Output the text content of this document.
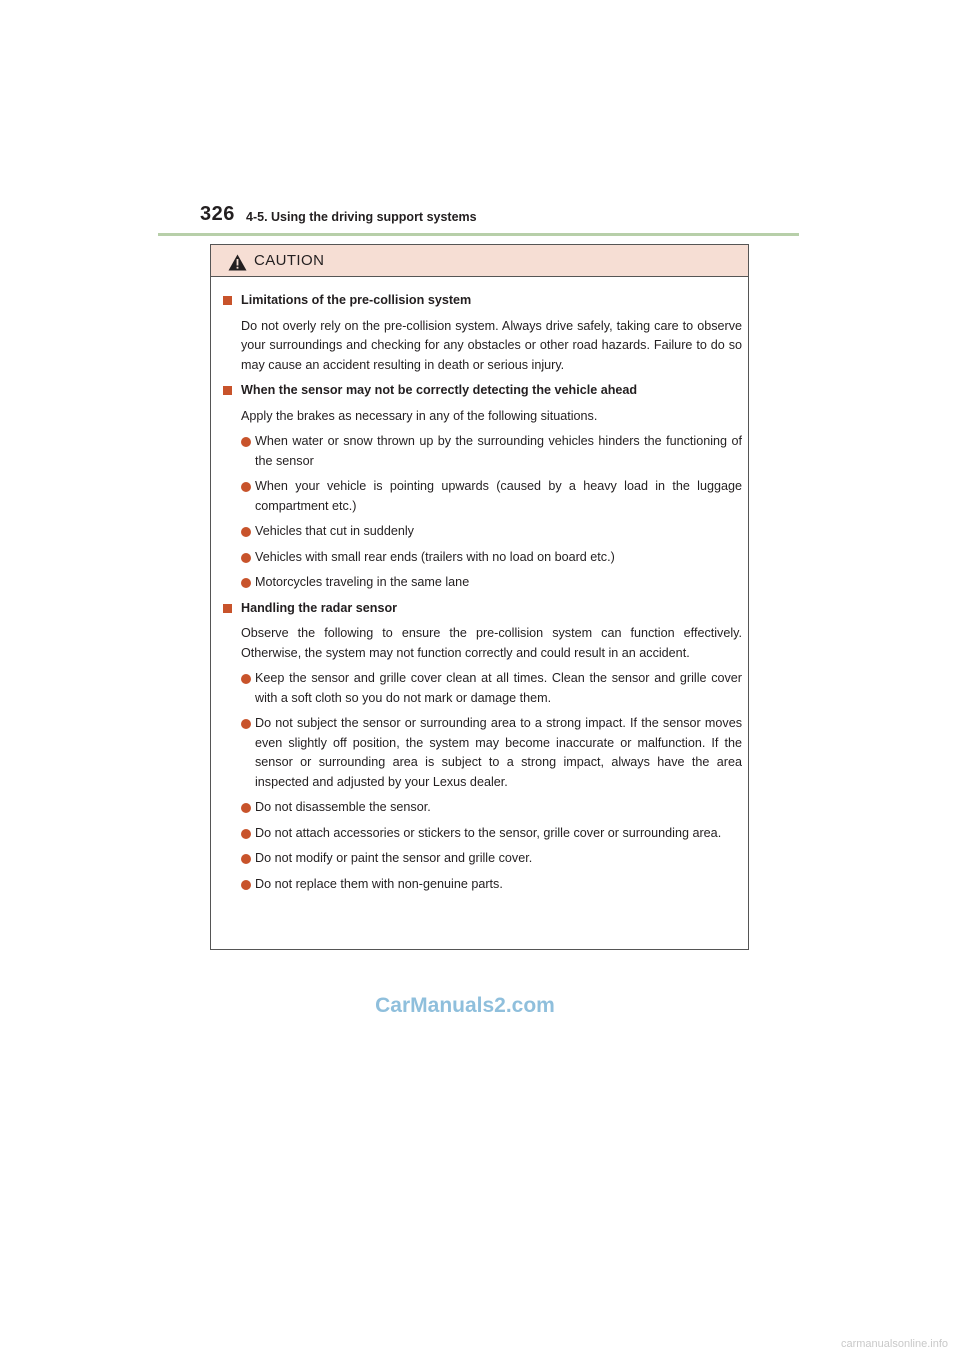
326 4-5. Using the driving support systems
CAUTION
Limitations of the pre-collision system
Do not overly rely on the pre-collision system. Always drive safely, taking care to observe your surroundings and checking for any obstacles or other road hazards. Failure to do so may cause an accident resulting in death or serious injury.
When the sensor may not be correctly detecting the vehicle ahead
Apply the brakes as necessary in any of the following situations.
When water or snow thrown up by the surrounding vehicles hinders the functioning of the sensor
When your vehicle is pointing upwards (caused by a heavy load in the luggage compartment etc.)
Vehicles that cut in suddenly
Vehicles with small rear ends (trailers with no load on board etc.)
Motorcycles traveling in the same lane
Handling the radar sensor
Observe the following to ensure the pre-collision system can function effectively. Otherwise, the system may not function correctly and could result in an accident.
Keep the sensor and grille cover clean at all times. Clean the sensor and grille cover with a soft cloth so you do not mark or damage them.
Do not subject the sensor or surrounding area to a strong impact. If the sensor moves even slightly off position, the system may become inaccurate or malfunction. If the sensor or surrounding area is subject to a strong impact, always have the area inspected and adjusted by your Lexus dealer.
Do not disassemble the sensor.
Do not attach accessories or stickers to the sensor, grille cover or surrounding area.
Do not modify or paint the sensor and grille cover.
Do not replace them with non-genuine parts.
CarManuals2.com
carmanualsonline.info
